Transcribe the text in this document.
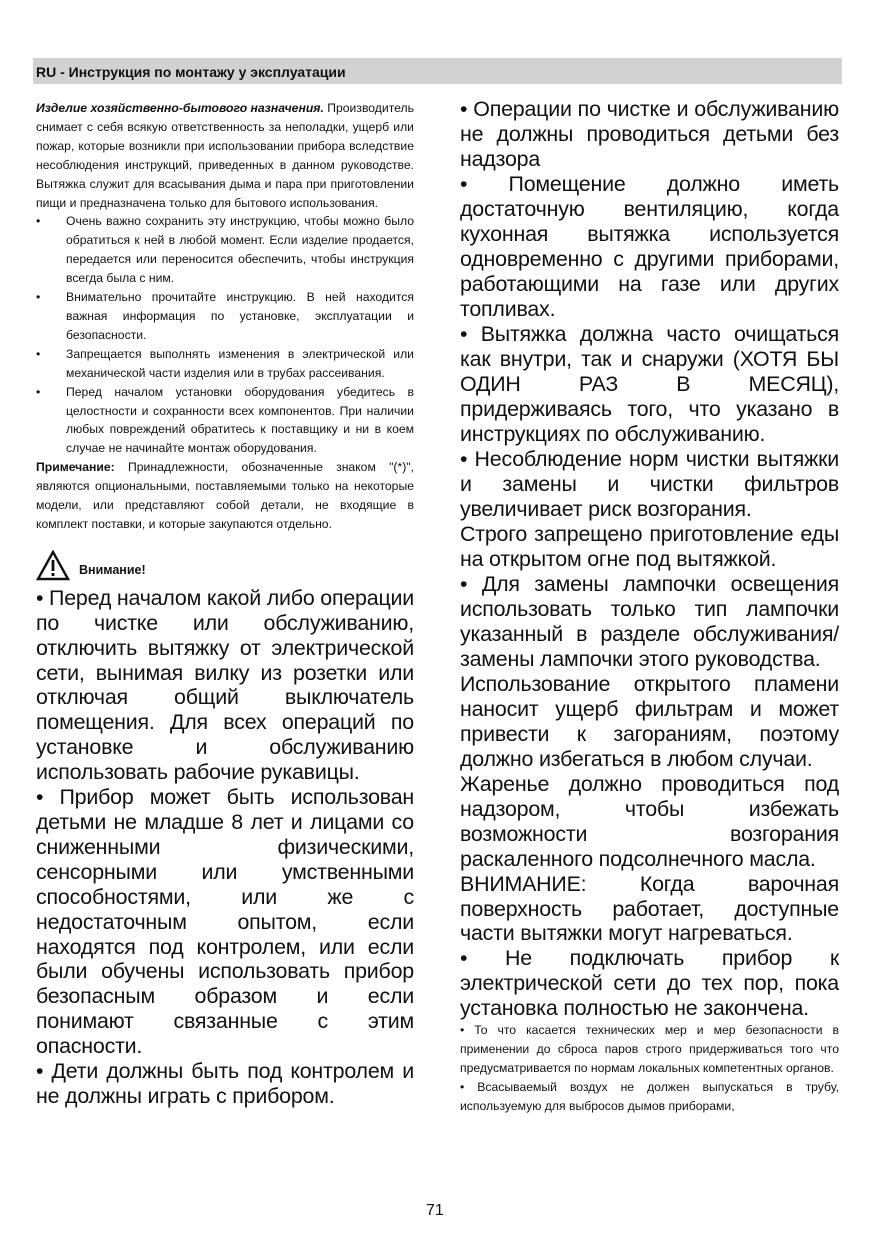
RU - Инструкция по монтажу у эксплуатации

Изделие хозяйственно-бытового назначения. Производитель снимает с себя всякую ответственность за неполадки, ущерб или пожар, которые возникли при использовании прибора вследствие несоблюдения инструкций, приведенных в данном руководстве. Вытяжка служит для всасывания дыма и пара при приготовлении пищи и предназначена только для бытового использования.

• Очень важно сохранить эту инструкцию, чтобы можно было обратиться к ней в любой момент. Если изделие продается, передается или переносится обеспечить, чтобы инструкция всегда была с ним.
• Внимательно прочитайте инструкцию. В ней находится важная информация по установке, эксплуатации и безопасности.
• Запрещается выполнять изменения в электрической или механической части изделия или в трубах рассеивания.
• Перед началом установки оборудования убедитесь в целостности и сохранности всех компонентов. При наличии любых повреждений обратитесь к поставщику и ни в коем случае не начинайте монтаж оборудования.

Примечание: Принадлежности, обозначенные знаком "(*)", являются опциональными, поставляемыми только на некоторые модели, или представляют собой детали, не входящие в комплект поставки, и которые закупаются отдельно.

Внимание!

• Перед началом какой либо операции по чистке или обслуживанию, отключить вытяжку от электрической сети, вынимая вилку из розетки или отключая общий выключатель помещения. Для всех операций по установке и обслуживанию использовать рабочие рукавицы.

• Прибор может быть использован детьми не младше 8 лет и лицами со сниженными физическими, сенсорными или умственными способностями, или же с недостаточным опытом, если находятся под контролем, или если были обучены использовать прибор безопасным образом и если понимают связанные с этим опасности.

• Дети должны быть под контролем и не должны играть с прибором.

• Операции по чистке и обслуживанию не должны проводиться детьми без надзора

• Помещение должно иметь достаточную вентиляцию, когда кухонная вытяжка используется одновременно с другими приборами, работающими на газе или других топливах.

• Вытяжка должна часто очищаться как внутри, так и снаружи (ХОТЯ БЫ ОДИН РАЗ В МЕСЯЦ), придерживаясь того, что указано в инструкциях по обслуживанию.

• Несоблюдение норм чистки вытяжки и замены и чистки фильтров увеличивает риск возгорания.

Строго запрещено приготовление еды на открытом огне под вытяжкой.

• Для замены лампочки освещения использовать только тип лампочки указанный в разделе обслуживания/замены лампочки этого руководства.

Использование открытого пламени наносит ущерб фильтрам и может привести к загораниям, поэтому должно избегаться в любом случаи.

Жаренье должно проводиться под надзором, чтобы избежать возможности возгорания раскаленного подсолнечного масла.

ВНИМАНИЕ: Когда варочная поверхность работает, доступные части вытяжки могут нагреваться.

• Не подключать прибор к электрической сети до тех пор, пока установка полностью не закончена.

• То что касается технических мер и мер безопасности в применении до сброса паров строго придерживаться того что предусматривается по нормам локальных компетентных органов.

• Всасываемый воздух не должен выпускаться в трубу, используемую для выбросов дымов приборами,

71
